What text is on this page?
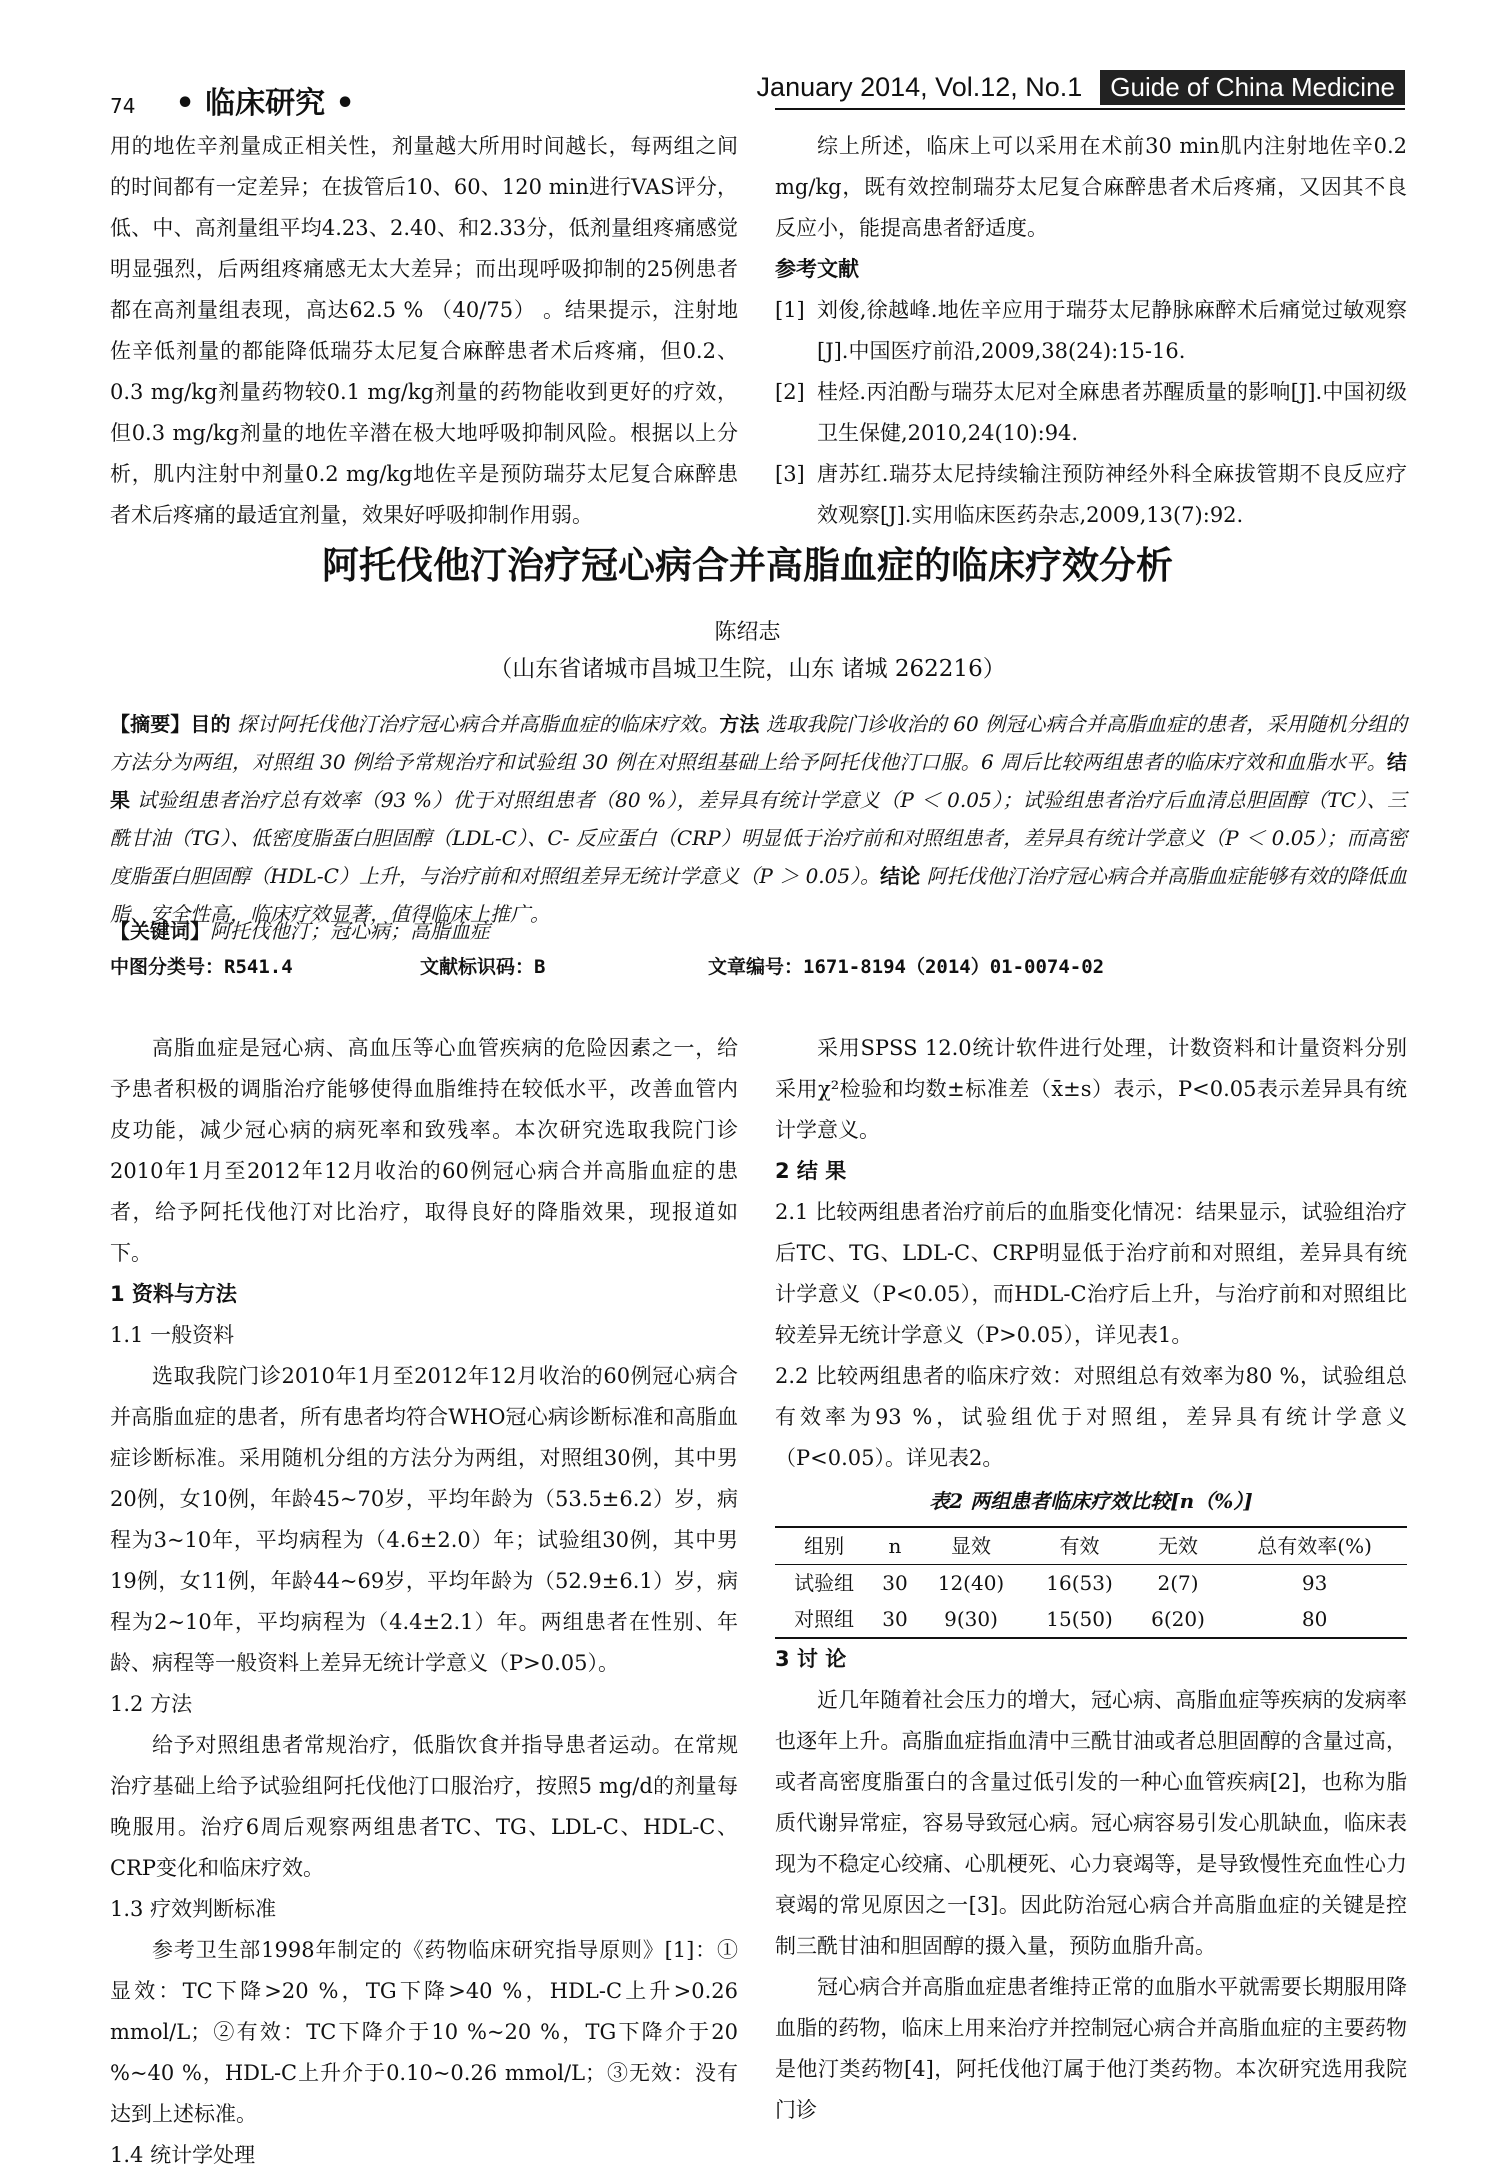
74 • 临床研究 •	January 2014, Vol.12, No.1	Guide of China Medicine

用的地佐辛剂量成正相关性，剂量越大所用时间越长，每两组之间的时间都有一定差异；在拔管后10、60、120 min进行VAS评分，低、中、高剂量组平均4.23、2.40、和2.33分，低剂量组疼痛感觉明显强烈，后两组疼痛感无太大差异；而出现呼吸抑制的25例患者都在高剂量组表现，高达62.5 % （40/75） 。结果提示，注射地佐辛低剂量的都能降低瑞芬太尼复合麻醉患者术后疼痛，但0.2、0.3 mg/kg剂量药物较0.1 mg/kg剂量的药物能收到更好的疗效，但0.3 mg/kg剂量的地佐辛潜在极大地呼吸抑制风险。根据以上分析，肌内注射中剂量0.2 mg/kg地佐辛是预防瑞芬太尼复合麻醉患者术后疼痛的最适宜剂量，效果好呼吸抑制作用弱。

综上所述，临床上可以采用在术前30 min肌内注射地佐辛0.2 mg/kg，既有效控制瑞芬太尼复合麻醉患者术后疼痛，又因其不良反应小，能提高患者舒适度。

参考文献
[1] 刘俊,徐越峰.地佐辛应用于瑞芬太尼静脉麻醉术后痛觉过敏观察[J].中国医疗前沿,2009,38(24):15-16.
[2] 桂烃.丙泊酚与瑞芬太尼对全麻患者苏醒质量的影响[J].中国初级卫生保健,2010,24(10):94.
[3] 唐苏红.瑞芬太尼持续输注预防神经外科全麻拔管期不良反应疗效观察[J].实用临床医药杂志,2009,13(7):92.
阿托伐他汀治疗冠心病合并高脂血症的临床疗效分析
陈绍志
（山东省诸城市昌城卫生院，山东 诸城 262216）
【摘要】目的 探讨阿托伐他汀治疗冠心病合并高脂血症的临床疗效。方法 选取我院门诊收治的 60 例冠心病合并高脂血症的患者，采用随机分组的方法分为两组，对照组 30 例给予常规治疗和试验组 30 例在对照组基础上给予阿托伐他汀口服。6 周后比较两组患者的临床疗效和血脂水平。结果 试验组患者治疗总有效率（93 %）优于对照组患者（80 %），差异具有统计学意义（P ＜ 0.05）；试验组患者治疗后血清总胆固醇（TC）、三酰甘油（TG）、低密度脂蛋白胆固醇（LDL-C）、C- 反应蛋白（CRP）明显低于治疗前和对照组患者，差异具有统计学意义（P ＜ 0.05）；而高密度脂蛋白胆固醇（HDL-C）上升，与治疗前和对照组差异无统计学意义（P ＞ 0.05）。结论 阿托伐他汀治疗冠心病合并高脂血症能够有效的降低血脂、安全性高，临床疗效显著，值得临床上推广。
【关键词】阿托伐他汀；冠心病；高脂血症
中图分类号：R541.4	文献标识码：B	文章编号：1671-8194（2014）01-0074-02

高脂血症是冠心病、高血压等心血管疾病的危险因素之一，给予患者积极的调脂治疗能够使得血脂维持在较低水平，改善血管内皮功能，减少冠心病的病死率和致残率。本次研究选取我院门诊2010年1月至2012年12月收治的60例冠心病合并高脂血症的患者，给予阿托伐他汀对比治疗，取得良好的降脂效果，现报道如下。

1 资料与方法
1.1 一般资料

选取我院门诊2010年1月至2012年12月收治的60例冠心病合并高脂血症的患者，所有患者均符合WHO冠心病诊断标准和高脂血症诊断标准。采用随机分组的方法分为两组，对照组30例，其中男20例，女10例，年龄45~70岁，平均年龄为（53.5±6.2）岁，病程为3~10年，平均病程为（4.6±2.0）年；试验组30例，其中男19例，女11例，年龄44~69岁，平均年龄为（52.9±6.1）岁，病程为2~10年，平均病程为（4.4±2.1）年。两组患者在性别、年龄、病程等一般资料上差异无统计学意义（P>0.05）。

1.2 方法

给予对照组患者常规治疗，低脂饮食并指导患者运动。在常规治疗基础上给予试验组阿托伐他汀口服治疗，按照5 mg/d的剂量每晚服用。治疗6周后观察两组患者TC、TG、LDL-C、HDL-C、CRP变化和临床疗效。

1.3 疗效判断标准

参考卫生部1998年制定的《药物临床研究指导原则》[1]：①显效：TC下降>20 %，TG下降>40 %，HDL-C上升>0.26 mmol/L；②有效：TC下降介于10 %~20 %，TG下降介于20 %~40 %，HDL-C上升介于0.10~0.26 mmol/L；③无效：没有达到上述标准。

1.4 统计学处理

采用SPSS 12.0统计软件进行处理，计数资料和计量资料分别采用χ²检验和均数±标准差（x̄±s）表示，P<0.05表示差异具有统计学意义。

2 结 果

2.1 比较两组患者治疗前后的血脂变化情况：结果显示，试验组治疗后TC、TG、LDL-C、CRP明显低于治疗前和对照组，差异具有统计学意义（P<0.05），而HDL-C治疗后上升，与治疗前和对照组比较差异无统计学意义（P>0.05），详见表1。

2.2 比较两组患者的临床疗效：对照组总有效率为80 %，试验组总有效率为93 %，试验组优于对照组，差异具有统计学意义（P<0.05）。详见表2。

表2 两组患者临床疗效比较[n（%）]
组别	n	显效	有效	无效	总有效率(%)
试验组	30	12(40)	16(53)	2(7)	93
对照组	30	9(30)	15(50)	6(20)	80
3 讨 论

近几年随着社会压力的增大，冠心病、高脂血症等疾病的发病率也逐年上升。高脂血症指血清中三酰甘油或者总胆固醇的含量过高，或者高密度脂蛋白的含量过低引发的一种心血管疾病[2]，也称为脂质代谢异常症，容易导致冠心病。冠心病容易引发心肌缺血，临床表现为不稳定心绞痛、心肌梗死、心力衰竭等，是导致慢性充血性心力衰竭的常见原因之一[3]。因此防治冠心病合并高脂血症的关键是控制三酰甘油和胆固醇的摄入量，预防血脂升高。

冠心病合并高脂血症患者维持正常的血脂水平就需要长期服用降血脂的药物，临床上用来治疗并控制冠心病合并高脂血症的主要药物是他汀类药物[4]，阿托伐他汀属于他汀类药物。本次研究选用我院门诊
